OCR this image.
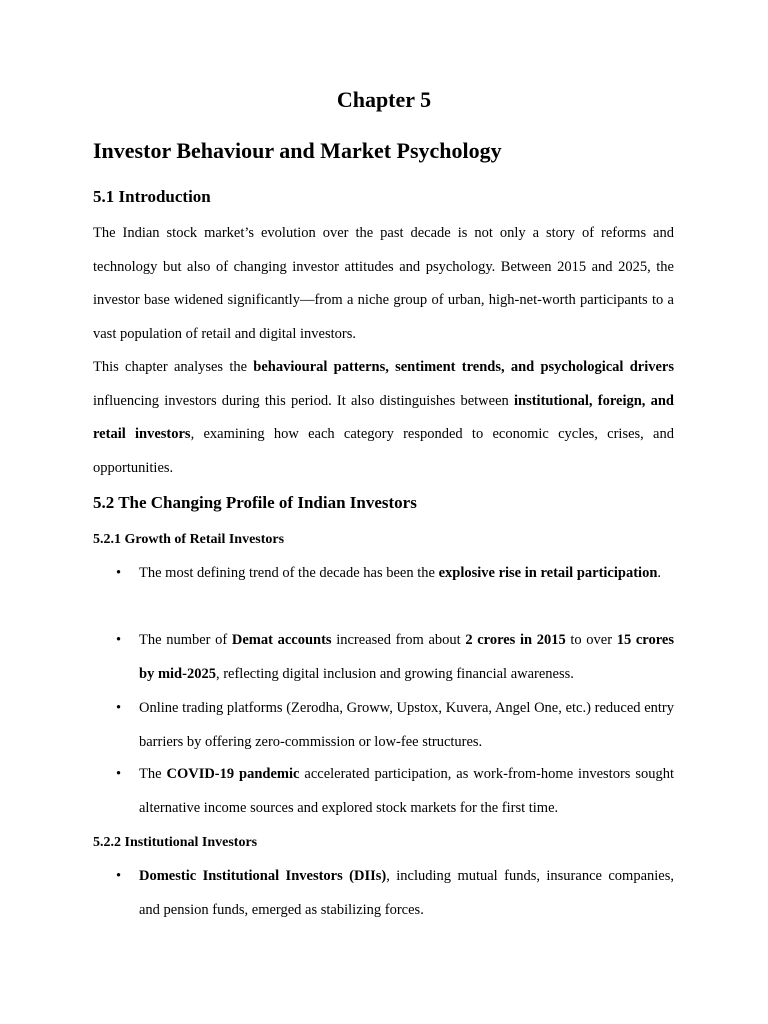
Chapter 5
Investor Behaviour and Market Psychology
5.1 Introduction

The Indian stock market’s evolution over the past decade is not only a story of reforms and technology but also of changing investor attitudes and psychology. Between 2015 and 2025, the investor base widened significantly—from a niche group of urban, high-net-worth participants to a vast population of retail and digital investors.

This chapter analyses the behavioural patterns, sentiment trends, and psychological drivers influencing investors during this period. It also distinguishes between institutional, foreign, and retail investors, examining how each category responded to economic cycles, crises, and opportunities.

5.2 The Changing Profile of Indian Investors
5.2.1 Growth of Retail Investors
• The most defining trend of the decade has been the explosive rise in retail participation.

• The number of Demat accounts increased from about 2 crores in 2015 to over 15 crores by mid-2025, reflecting digital inclusion and growing financial awareness.

• Online trading platforms (Zerodha, Groww, Upstox, Kuvera, Angel One, etc.) reduced entry barriers by offering zero-commission or low-fee structures.

• The COVID-19 pandemic accelerated participation, as work-from-home investors sought alternative income sources and explored stock markets for the first time.

5.2.2 Institutional Investors
• Domestic Institutional Investors (DIIs), including mutual funds, insurance companies, and pension funds, emerged as stabilizing forces.
